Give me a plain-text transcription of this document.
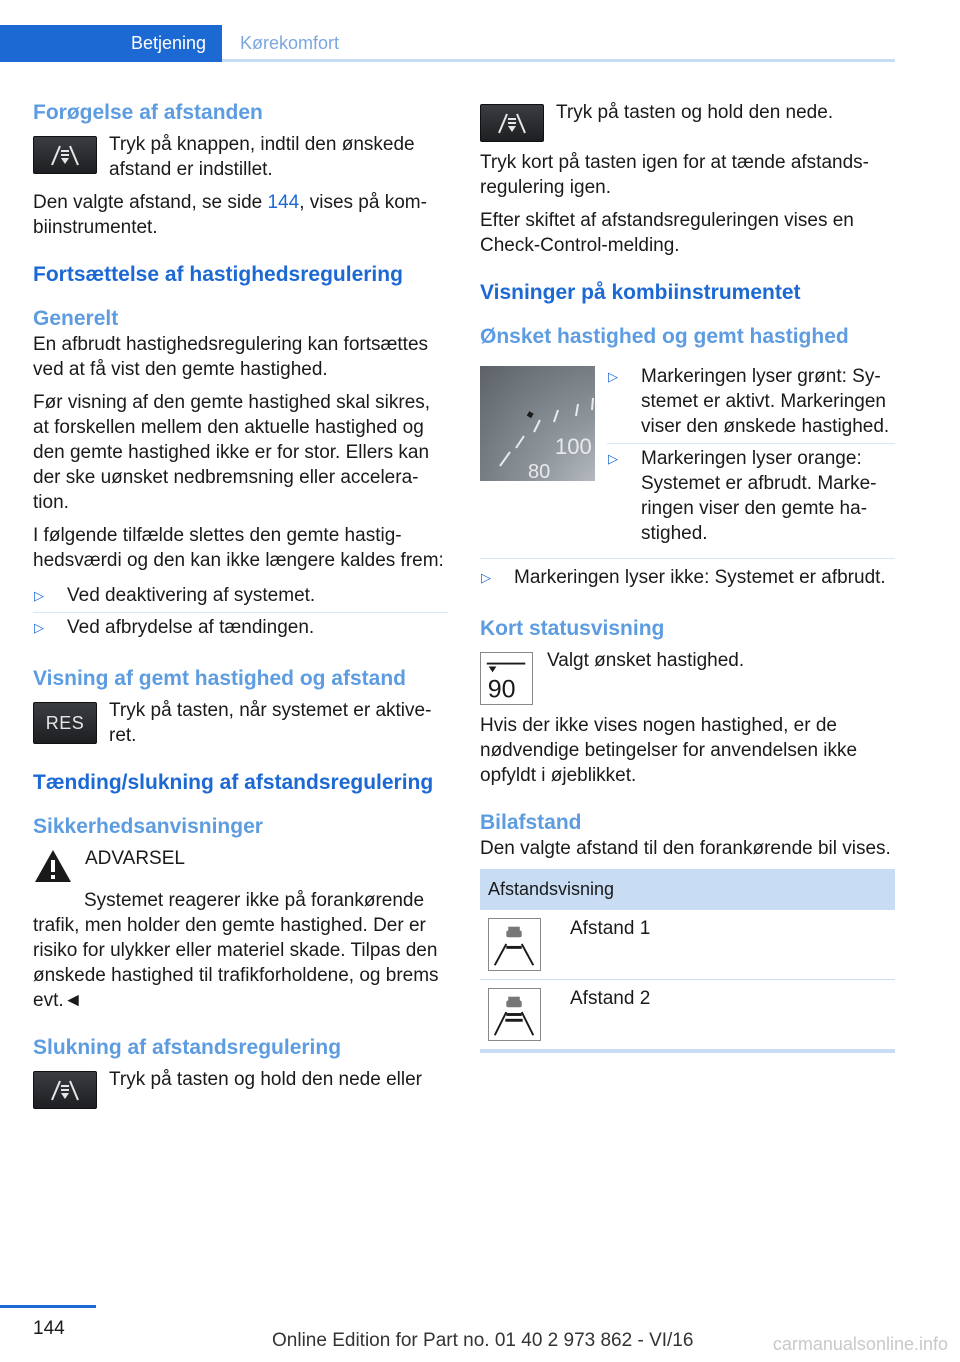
Betjening Kørekomfort
Forøgelse af afstanden

Tryk på knappen, indtil den ønskede afstand er indstillet.

Den valgte afstand, se side 144, vises på kombiinstrumentet.

Fortsættelse af hastighedsregulering
Generelt

En afbrudt hastighedsregulering kan fortsættes ved at få vist den gemte hastighed.

Før visning af den gemte hastighed skal sikres, at forskellen mellem den aktuelle hastighed og den gemte hastighed ikke er for stor. Ellers kan der ske uønsket nedbremsning eller acceleration.

I følgende tilfælde slettes den gemte hastighedsværdi og den kan ikke længere kaldes frem:

▷	Ved deaktivering af systemet.
▷	Ved afbrydelse af tændingen.
Visning af gemt hastighed og afstand
RES

Tryk på tasten, når systemet er aktiveret.

Tænding/slukning af afstandsregulering
Sikkerhedsanvisninger

ADVARSEL

Systemet reagerer ikke på forankørende trafik, men holder den gemte hastighed. Der er risiko for ulykker eller materiel skade. Tilpas den ønskede hastighed til trafikforholdene, og brems evt.◄

Slukning af afstandsregulering

Tryk på tasten og hold den nede eller

Tryk på tasten og hold den nede.

Tryk kort på tasten igen for at tænde afstandsregulering igen.

Efter skiftet af afstandsreguleringen vises en Check-Control-melding.

Visninger på kombiinstrumentet
Ønsket hastighed og gemt hastighed
100
80
▷	Markeringen lyser grønt: Systemet er aktivt. Markeringen viser den ønskede hastighed.
▷	Markeringen lyser orange: Systemet er afbrudt. Markeringen viser den gemte hastighed.
▷	Markeringen lyser ikke: Systemet er afbrudt.
Kort statusvisning
90

Valgt ønsket hastighed.

Hvis der ikke vises nogen hastighed, er de nødvendige betingelser for anvendelsen ikke opfyldt i øjeblikket.

Bilafstand

Den valgte afstand til den forankørende bil vises.

Afstandsvisning	

	Afstand 1

	Afstand 2
144
Online Edition for Part no. 01 40 2 973 862 - VI/16	carmanualsonline.info
